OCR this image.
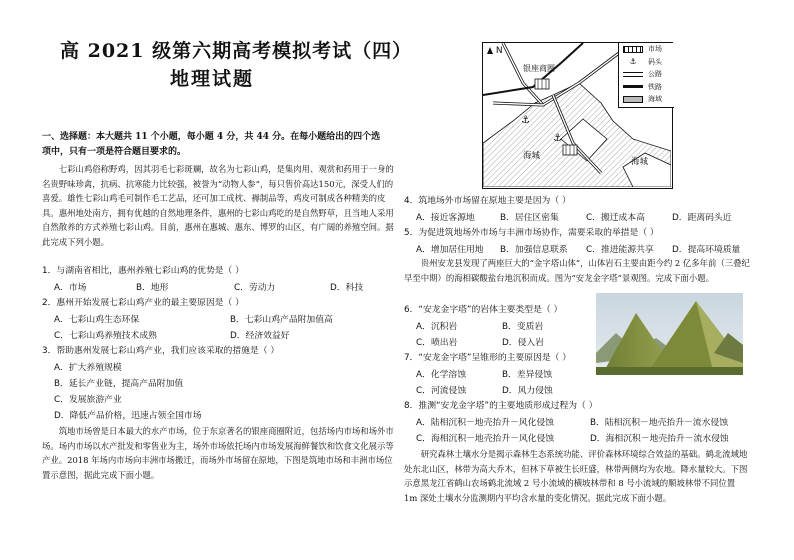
高 2021 级第六期高考模拟考试（四）
地理试题
一、选择题：本大题共 11 个小题，每小题 4 分，共 44 分。在每小题给出的四个选项中，只有一项是符合题目要求的。
七彩山鸡俗称野鸡，因其羽毛七彩斑斓，故名为七彩山鸡，是集肉用、观赏和药用于一身的名贵野味珍禽，抗病、抗寒能力比较强，被誉为“动物人参”，每只售价高达150元，深受人们的喜爱。雄性七彩山鸡毛可制作毛工艺品，还可加工成枕、褥制品等，鸡皮可制成各种精美的皮具。惠州地处南方，拥有优越的自然地理条件，惠州的七彩山鸡吃的是自然野草，且当地人采用自然散养的方式养殖七彩山鸡。目前，惠州在惠城、惠东、博罗的山区，有广阔的养殖空间。据此完成下列小题。
1．与湖南省相比，惠州养殖七彩山鸡的优势是（ ）
A．市场	B．地形	C．劳动力	D．科技
2．惠州开始发展七彩山鸡产业的最主要原因是（ ）
A．七彩山鸡生态环保	B．七彩山鸡产品附加值高
C．七彩山鸡养殖技术成熟	D．经济效益好
3．帮助惠州发展七彩山鸡产业，我们应该采取的措施是（ ）
A．扩大养殖规模
B．延长产业链，提高产品附加值
C．发展旅游产业
D．降低产品价格，迅速占领全国市场
筑地市场曾是日本最大的水产市场，位于东京著名的银座商圈附近，包括场内市场和场外市场。场内市场以水产批发和零售业为主，场外市场依托场内市场发展海鲜餐饮和饮食文化展示等产业。2018 年场内市场向丰洲市场搬迁，而场外市场留在原地，下图是筑地市场和丰洲市场位置示意图，据此完成下面小题。
⚓
⚓
N
银座商圈
海城
海城
市场
⚓	码头
公路
铁路
海域
4．筑地场外市场留在原地主要是因为（ ）
A．接近客源地	B．居住区密集	C．搬迁成本高	D．距离码头近
5．为促进筑地场外市场与丰洲市场协作，需要采取的举措是（ ）
A．增加居住用地	B．加强信息联系	C．推进能源共享	D．提高环境质量
贵州安龙县发现了两座巨大的“金字塔山体”，山体岩石主要由距今约 2 亿多年前（三叠纪早至中期）的海相碳酸盐台地沉积而成。图为“安龙金字塔”景观图。完成下面小题。
6．“安龙金字塔”的岩体主要类型是（ ）
A．沉积岩	B．变质岩
C．喷出岩	D．侵入岩
7．“安龙金字塔”呈锥形的主要原因是（ ）
A．化学溶蚀	B．差异侵蚀
C．河流侵蚀	D．风力侵蚀
8．推测“安龙金字塔”的主要地质形成过程为（ ）
A．陆相沉积－地壳抬升－风化侵蚀	B．陆相沉积－地壳抬升－流水侵蚀
C．海相沉积－地壳抬升－风化侵蚀	D．海相沉积－地壳抬升－流水侵蚀
研究森林土壤水分是揭示森林生态系统功能、评价森林环境综合效益的基础。鹤北流域地处东北山区，林带为高大乔木，但林下草被生长旺盛，林带两侧均为农地。降水量较大。下图示意黑龙江省鹤山农场鹤北流域 2 号小流域的横坡林带和 8 号小流域的顺坡林带不同位置 1m 深处土壤水分监测期内平均含水量的变化情况。据此完成下面小题。
